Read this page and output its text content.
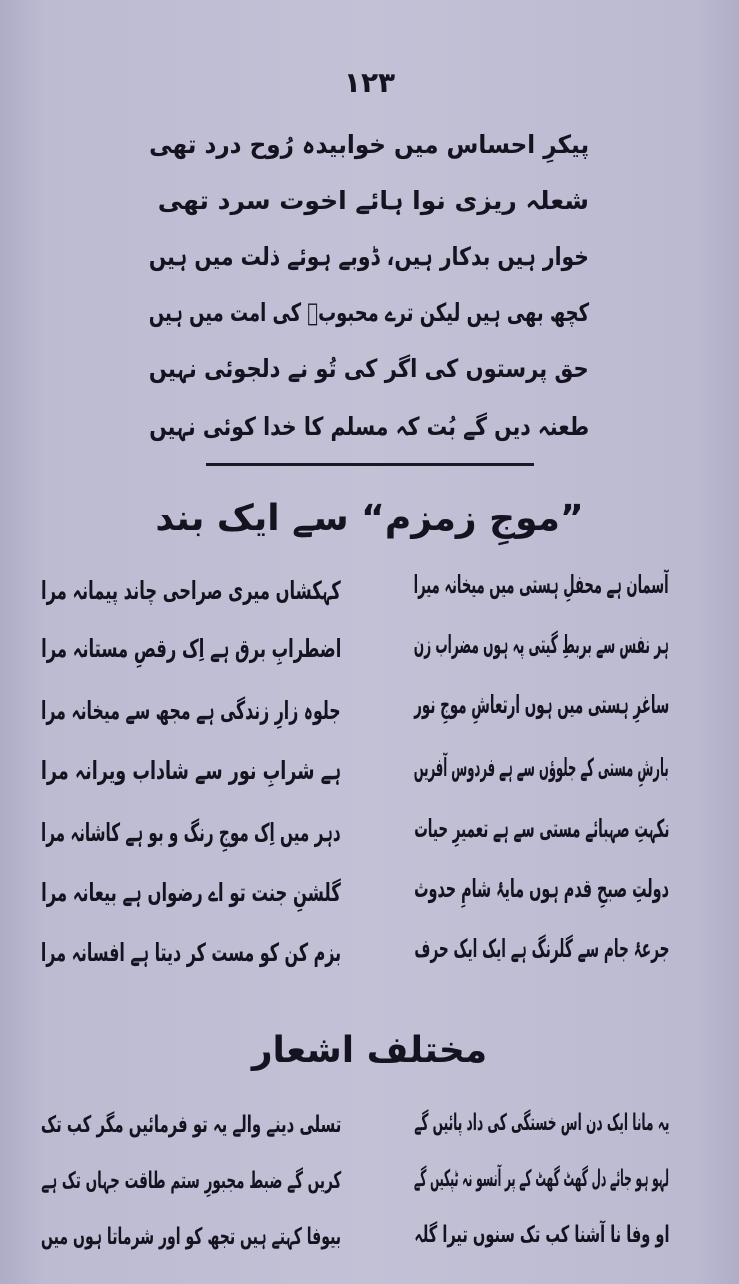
۱۲۳
پیکرِ احساس میں خوابیدہ رُوح درد تھی
شعلہ ریزی نوا ہائے اخوت سرد تھی
خوار ہیں بدکار ہیں، ڈوبے ہوئے ذلت میں ہیں
کچھ بھی ہیں لیکن ترے محبوبؐ کی امت میں ہیں
حق پرستوں کی اگر کی تُو نے دلجوئی نہیں
طعنہ دیں گے بُت کہ مسلم کا خدا کوئی نہیں
”موجِ زمزم“ سے ایک بند
آسمان ہے محفلِ ہستی میں میخانہ میرا
ہر نفس سے بربطِ گیتی پہ ہوں مضراب زن
ساغرِ ہستی میں ہوں ارتعاشِ موجِ نور
بارشِ مستی کے جلوؤں سے ہے فردوس آفریں
نکہتِ صہبائے مستی سے ہے تعمیرِ حیات
دولتِ صبحِ قدم ہوں مایۂ شامِ حدوث
جرعۂ جام سے گلرنگ ہے ایک ایک حرف
کہکشاں میری صراحی چاند پیمانہ مرا
اضطرابِ برق ہے اِک رقصِ مستانہ مرا
جلوہ زارِ زندگی ہے مجھ سے میخانہ مرا
ہے شرابِ نور سے شاداب ویرانہ مرا
دہر میں اِک موجِ رنگ و بو ہے کاشانہ مرا
گلشنِ جنت تو اے رضواں ہے بیعانہ مرا
بزم کن کو مست کر دیتا ہے افسانہ مرا
مختلف اشعار
یہ مانا ایک دن اس خستگی کی داد پائیں گے
لہو ہو جائے دل گھٹ گھٹ کے پر آنسو نہ ٹپکیں گے
او وفا نا آشنا کب تک سنوں تیرا گلہ
تسلی دینے والے یہ تو فرمائیں مگر کب تک
کریں گے ضبط مجبورِ ستم طاقت جہاں تک ہے
بیوفا کہتے ہیں تجھ کو اور شرماتا ہوں میں
